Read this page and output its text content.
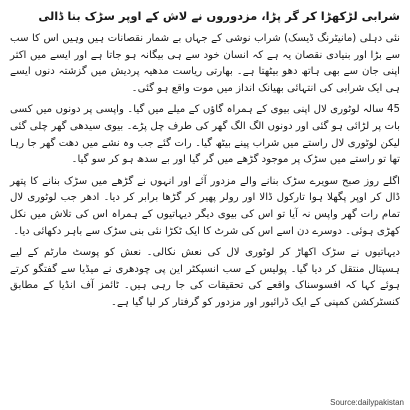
شرابی لڑکھڑا کر گر پڑا، مزدوروں نے لاش کے اوپر سڑک بنا ڈالی

نئی دہلی (مانیٹرنگ ڈیسک) شراب نوشی کے جہاں بے شمار نقصانات ہیں وہیں اس کا سب سے بڑا اور بنیادی نقصان یہ ہے کہ انسان خود سے ہی بیگانہ ہو جاتا ہے اور ایسے میں اکثر اپنی جان سے بھی ہاتھ دھو بیٹھتا ہے۔ بھارتی ریاست مدھیہ پردیش میں گزشتہ دنوں ایسے ہی ایک شرابی کی انتہائی بھیانک انداز میں موت واقع ہو گئی۔

45 سالہ لوٹوری لال اپنی بیوی کے ہمراہ گاؤں کے میلے میں گیا۔ واپسی پر دونوں میں کسی بات پر لڑائی ہو گئی اور دونوں الگ الگ گھر کی طرف چل پڑے۔ بیوی سیدھی گھر چلی گئی لیکن لوٹوری لال راستے میں شراب پینے بیٹھ گیا۔ رات گئے جب وہ نشے میں دھت گھر جا رہا تھا تو راستے میں سڑک پر موجود گڑھے میں گر گیا اور بے سدھ ہو کر سو گیا۔

اگلے روز صبح سویرے سڑک بنانے والے مزدور آئے اور انہوں نے گڑھے میں سڑک بنانے کا پتھر ڈال کر اوپر پگھلا ہوا تارکول ڈالا اور رولر پھیر کر گڑھا برابر کر دیا۔ ادھر جب لوٹوری لال تمام رات گھر واپس نہ آیا تو اس کی بیوی دیگر دیہاتیوں کے ہمراہ اس کی تلاش میں نکل کھڑی ہوئی۔ دوسرے دن اسے اس کی شرٹ کا ایک ٹکڑا نئی بنی سڑک سے باہر دکھائی دیا۔

دیہاتیوں نے سڑک اکھاڑ کر لوٹوری لال کی نعش نکالی۔ نعش کو پوسٹ مارٹم کے لیے ہسپتال منتقل کر دیا گیا۔ پولیس کے سب انسپکٹر این پی چودھری نے میڈیا سے گفتگو کرتے ہوئے کہا کہ افسوسناک واقعے کی تحقیقات کی جا رہی ہیں۔ ٹائمز آف انڈیا کے مطابق کنسٹرکشن کمپنی کے ایک ڈرائیور اور مزدور کو گرفتار کر لیا گیا ہے۔

Source:dailypakistan
